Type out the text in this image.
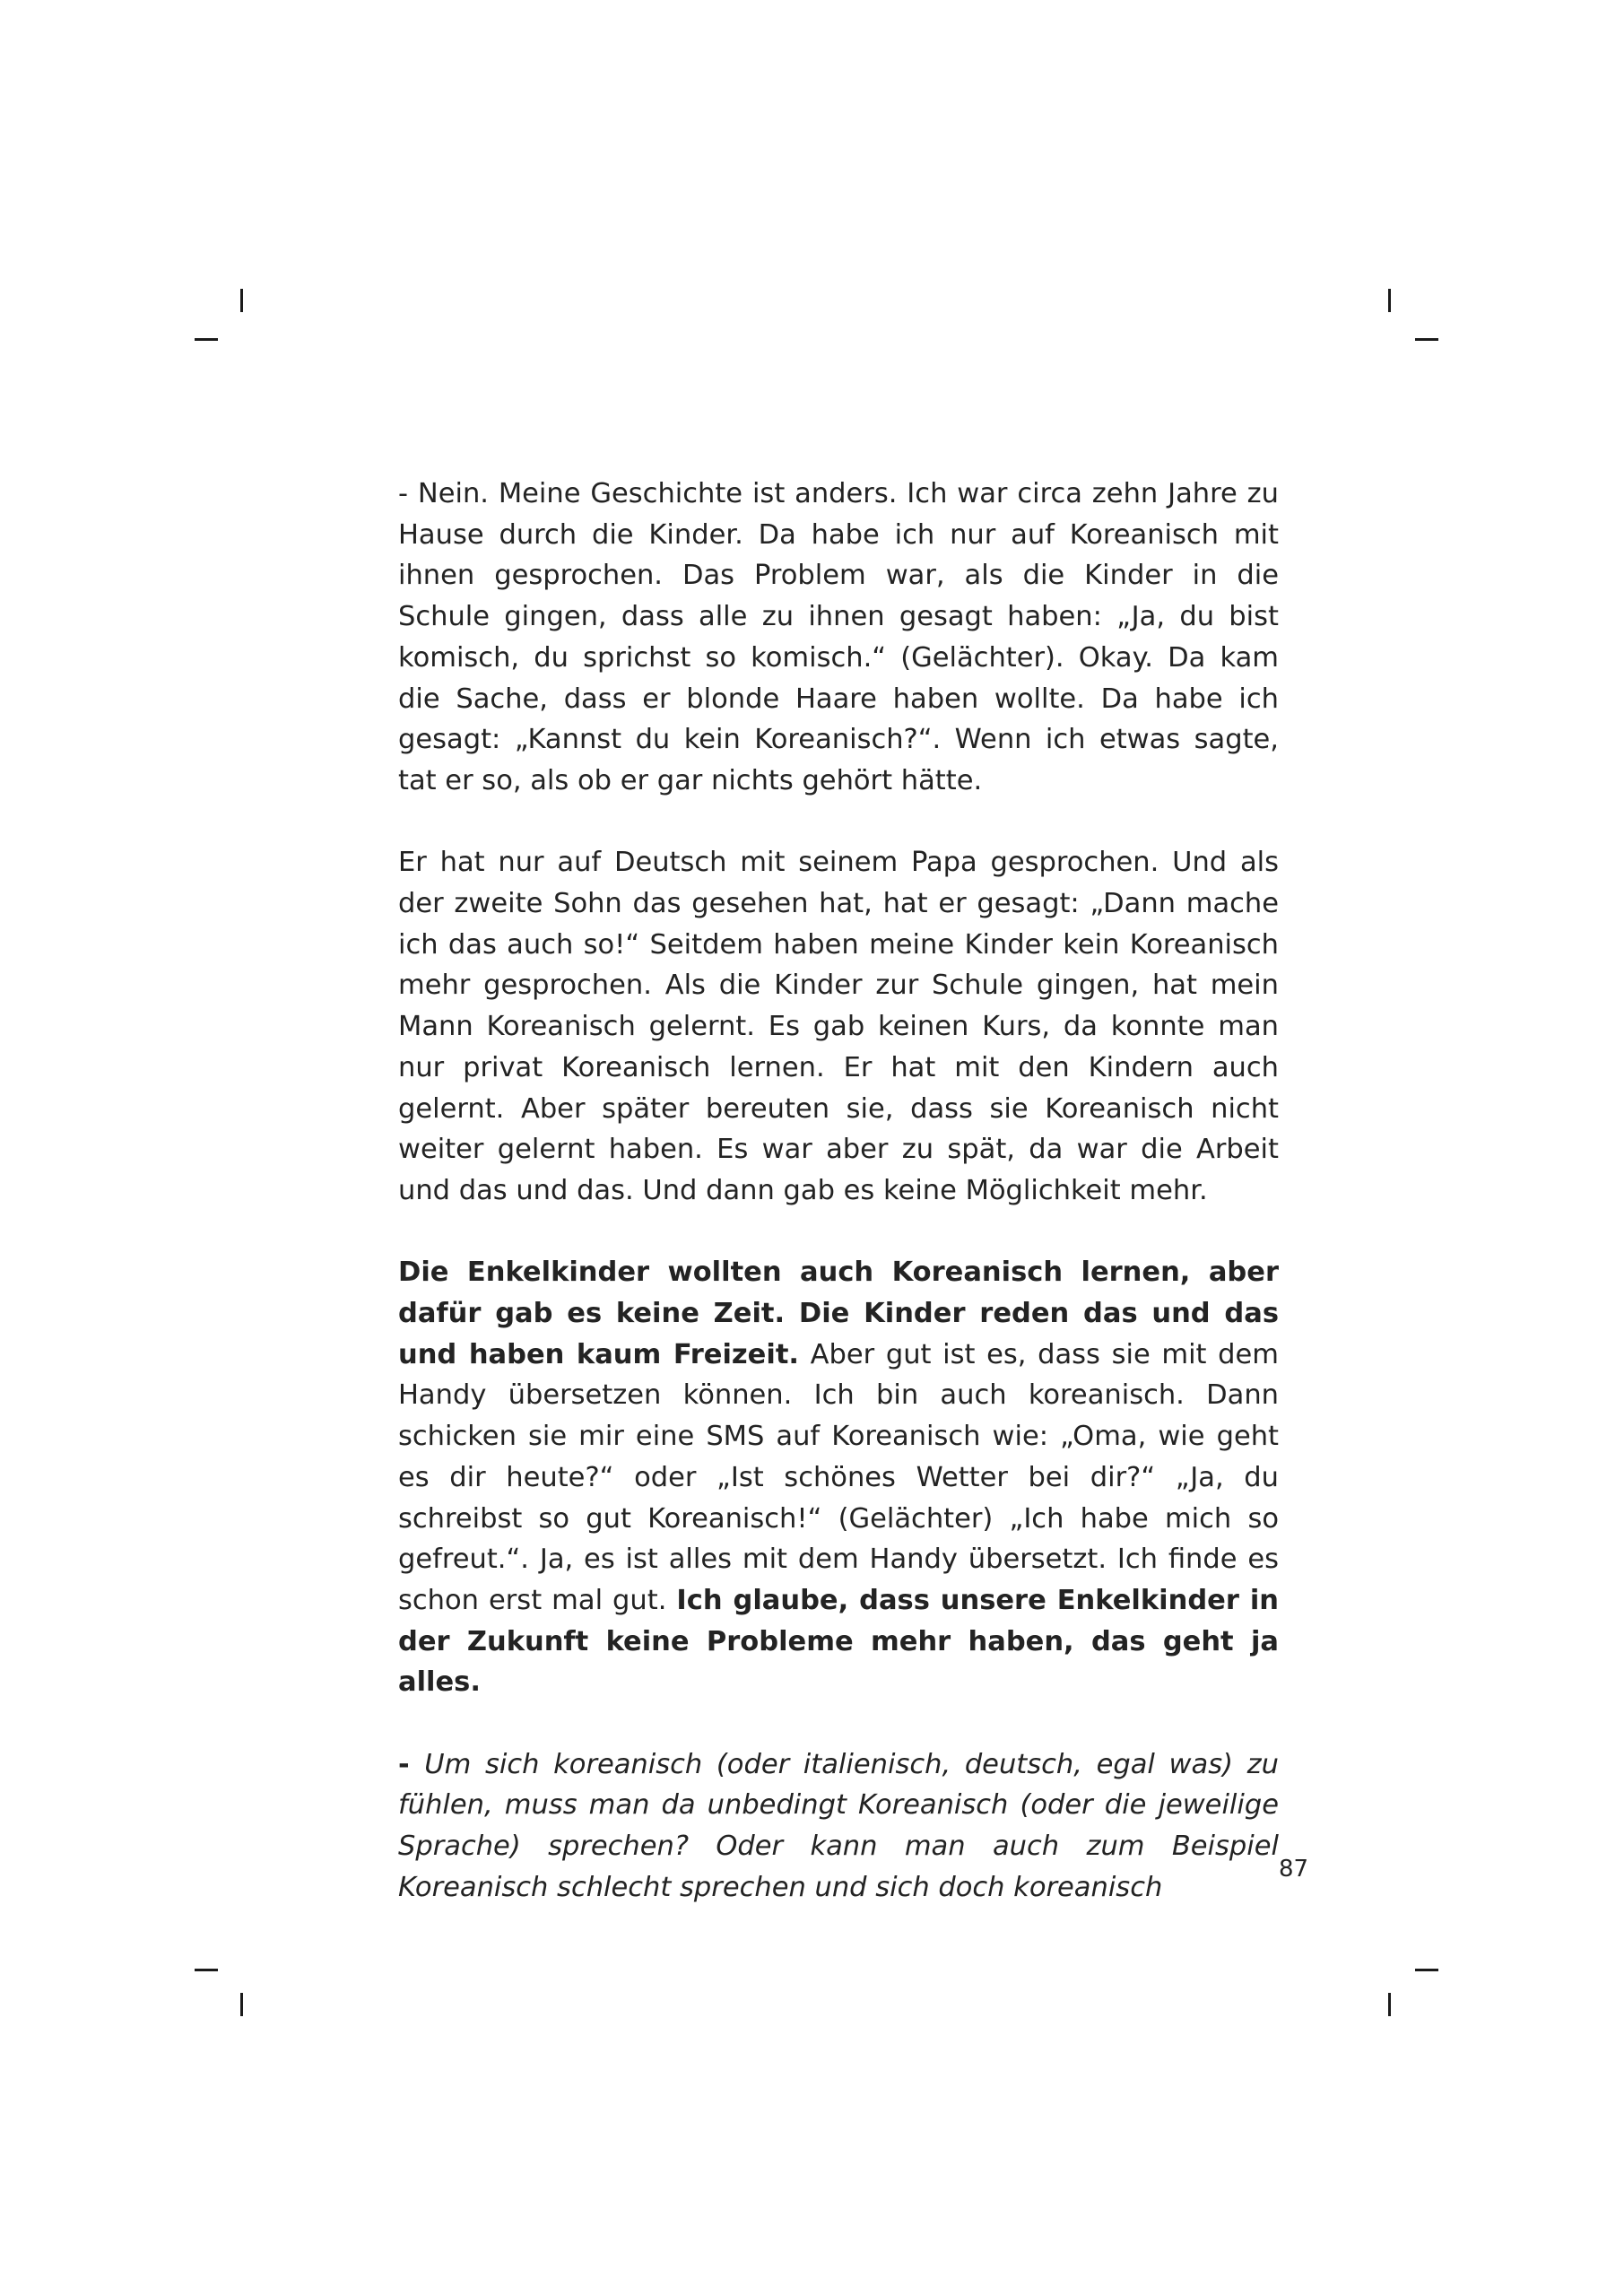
- Nein. Meine Geschichte ist anders. Ich war circa zehn Jahre zu Hause durch die Kinder. Da habe ich nur auf Koreanisch mit ihnen gesprochen. Das Problem war, als die Kinder in die Schule gingen, dass alle zu ihnen gesagt haben: „Ja, du bist komisch, du sprichst so komisch.“ (Gelächter). Okay. Da kam die Sache, dass er blonde Haare haben wollte. Da habe ich gesagt: „Kannst du kein Koreanisch?“. Wenn ich etwas sagte, tat er so, als ob er gar nichts gehört hätte.

Er hat nur auf Deutsch mit seinem Papa gesprochen. Und als der zweite Sohn das gesehen hat, hat er gesagt: „Dann mache ich das auch so!“ Seitdem haben meine Kinder kein Koreanisch mehr gesprochen. Als die Kinder zur Schule gingen, hat mein Mann Koreanisch gelernt. Es gab keinen Kurs, da konnte man nur privat Koreanisch lernen. Er hat mit den Kindern auch gelernt. Aber später bereuten sie, dass sie Koreanisch nicht weiter gelernt haben. Es war aber zu spät, da war die Arbeit und das und das. Und dann gab es keine Möglichkeit mehr.

Die Enkelkinder wollten auch Koreanisch lernen, aber dafür gab es keine Zeit. Die Kinder reden das und das und haben kaum Freizeit. Aber gut ist es, dass sie mit dem Handy übersetzen können. Ich bin auch koreanisch. Dann schicken sie mir eine SMS auf Koreanisch wie: „Oma, wie geht es dir heute?“ oder „Ist schönes Wetter bei dir?“ „Ja, du schreibst so gut Koreanisch!“ (Gelächter) „Ich habe mich so gefreut.“. Ja, es ist alles mit dem Handy übersetzt. Ich finde es schon erst mal gut. Ich glaube, dass unsere Enkelkinder in der Zukunft keine Probleme mehr haben, das geht ja alles.

- Um sich koreanisch (oder italienisch, deutsch, egal was) zu fühlen, muss man da unbedingt Koreanisch (oder die jeweilige Sprache) sprechen? Oder kann man auch zum Beispiel Koreanisch schlecht sprechen und sich doch koreanisch

87
